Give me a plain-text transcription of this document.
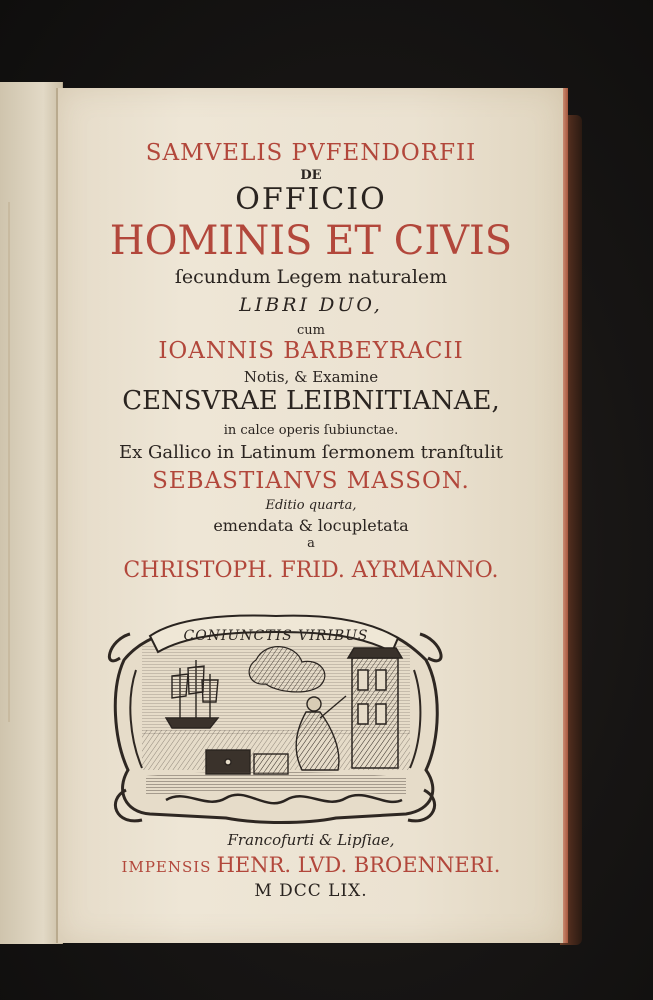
SAMVELIS PVFENDORFII
DE
OFFICIO
HOMINIS ET CIVIS
ſecundum Legem naturalem
LIBRI DUO,
cum
IOANNIS BARBEYRACII
Notis, & Examine
CENSVRAE LEIBNITIANAE,
in calce operis ſubiunctae.
Ex Gallico in Latinum ſermonem tranſtulit
SEBASTIANVS MASSON.
Editio quarta,
emendata & locupletata
a
CHRISTOPH. FRID. AYRMANNO.
Francofurti & Lipſiae,
IMPENSIS HENR. LVD. BROENNERI.
M DCC LIX.
CONIUNCTIS VIRIBUS
